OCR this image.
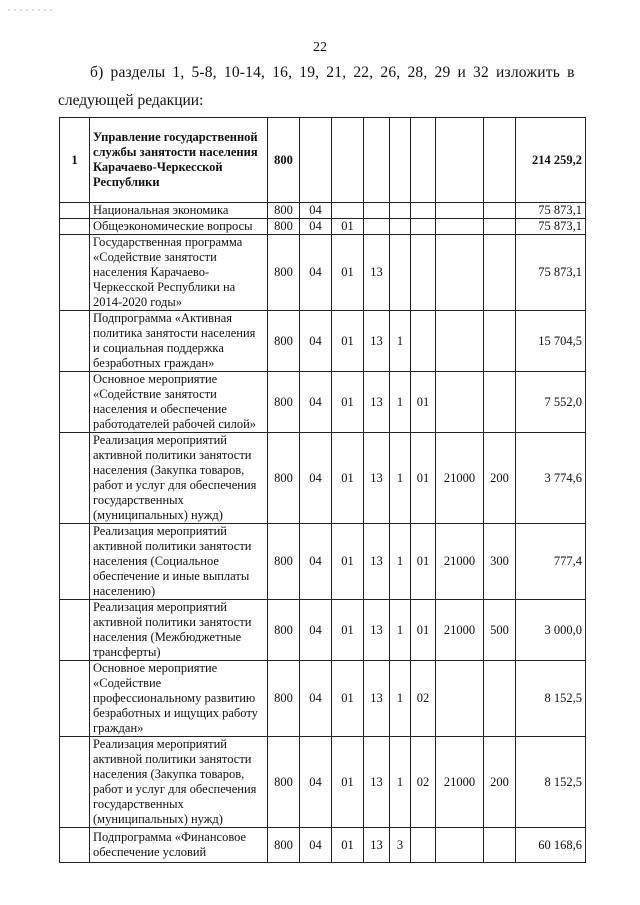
22
б) разделы 1, 5-8, 10-14, 16, 19, 21, 22, 26, 28, 29 и 32 изложить в
следующей редакции:
1	Управление государственной службы занятости населения Карачаево-Черкесской Республики	800								214 259,2
	Национальная экономика	800	04							75 873,1
	Общеэкономические вопросы	800	04	01						75 873,1
	Государственная программа «Содействие занятости населения Карачаево-Черкесской Республики на 2014-2020 годы»	800	04	01	13					75 873,1
	Подпрограмма «Активная политика занятости населения и социальная поддержка безработных граждан»	800	04	01	13	1				15 704,5
	Основное мероприятие «Содействие занятости населения и обеспечение работодателей рабочей силой»	800	04	01	13	1	01			7 552,0
	Реализация мероприятий активной политики занятости населения (Закупка товаров, работ и услуг для обеспечения государственных (муниципальных) нужд)	800	04	01	13	1	01	21000	200	3 774,6
	Реализация мероприятий активной политики занятости населения (Социальное обеспечение и иные выплаты населению)	800	04	01	13	1	01	21000	300	777,4
	Реализация мероприятий активной политики занятости населения (Межбюджетные трансферты)	800	04	01	13	1	01	21000	500	3 000,0
	Основное мероприятие «Содействие профессиональному развитию безработных и ищущих работу граждан»	800	04	01	13	1	02			8 152,5
	Реализация мероприятий активной политики занятости населения (Закупка товаров, работ и услуг для обеспечения государственных (муниципальных) нужд)	800	04	01	13	1	02	21000	200	8 152,5
	Подпрограмма «Финансовое обеспечение условий	800	04	01	13	3				60 168,6
